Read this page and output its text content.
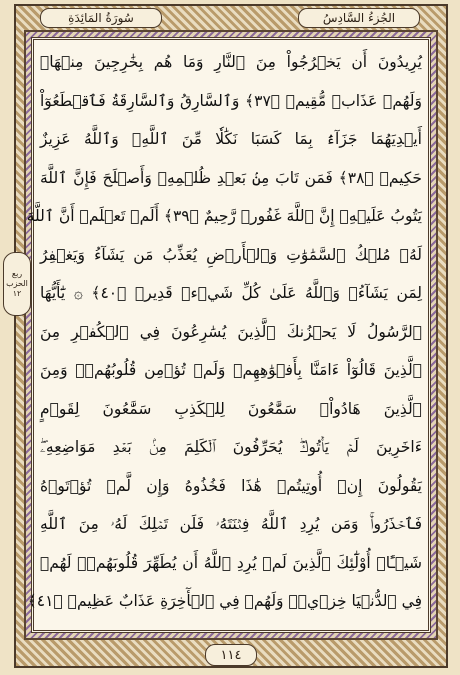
سُورَةُ المَائِدَةِ	الجُزءُ السَّادِسُ
ربع
الحزب
١٢
يُرِيدُونَ أَن يَخۡرُجُواْ مِنَ ٱلنَّارِ وَمَا هُم بِخَٰرِجِينَ مِنۡهَاۖ
وَلَهُمۡ عَذَابٞ مُّقِيمٞ ﴿٣٧﴾ وَٱلسَّارِقُ وَٱلسَّارِقَةُ فَٱقۡطَعُوٓاْ
أَيۡدِيَهُمَا جَزَآءَۢ بِمَا كَسَبَا نَكَٰلٗا مِّنَ ٱللَّهِۗ وَٱللَّهُ عَزِيزٌ
حَكِيمٞ ﴿٣٨﴾ فَمَن تَابَ مِنۢ بَعۡدِ ظُلۡمِهِۦ وَأَصۡلَحَ فَإِنَّ ٱللَّهَ
يَتُوبُ عَلَيۡهِۚ إِنَّ ٱللَّهَ غَفُورٞ رَّحِيمٌ ﴿٣٩﴾ أَلَمۡ تَعۡلَمۡ أَنَّ ٱللَّهَ
لَهُۥ مُلۡكُ ٱلسَّمَٰوَٰتِ وَٱلۡأَرۡضِ يُعَذِّبُ مَن يَشَآءُ وَيَغۡفِرُ
لِمَن يَشَآءُۗ وَٱللَّهُ عَلَىٰ كُلِّ شَيۡءٖ قَدِيرٞ ﴿٤٠﴾ ۞ يَٰٓأَيُّهَا
ٱلرَّسُولُ لَا يَحۡزُنكَ ٱلَّذِينَ يُسَٰرِعُونَ فِي ٱلۡكُفۡرِ مِنَ
ٱلَّذِينَ قَالُوٓاْ ءَامَنَّا بِأَفۡوَٰهِهِمۡ وَلَمۡ تُؤۡمِن قُلُوبُهُمۡۛ وَمِنَ
ٱلَّذِينَ هَادُواْۛ سَمَّٰعُونَ لِلۡكَذِبِ سَمَّٰعُونَ لِقَوۡمٍ
ءَاخَرِينَ لَمۡ يَأۡتُوكَۖ يُحَرِّفُونَ ٱلۡكَلِمَ مِنۢ بَعۡدِ مَوَاضِعِهِۦۖ
يَقُولُونَ إِنۡ أُوتِيتُمۡ هَٰذَا فَخُذُوهُ وَإِن لَّمۡ تُؤۡتَوۡهُ
فَٱحۡذَرُواْۚ وَمَن يُرِدِ ٱللَّهُ فِتۡنَتَهُۥ فَلَن تَمۡلِكَ لَهُۥ مِنَ ٱللَّهِ
شَيۡـًٔاۚ أُوْلَٰٓئِكَ ٱلَّذِينَ لَمۡ يُرِدِ ٱللَّهُ أَن يُطَهِّرَ قُلُوبَهُمۡۚ لَهُمۡ
فِي ٱلدُّنۡيَا خِزۡيٞۖ وَلَهُمۡ فِي ٱلۡأٓخِرَةِ عَذَابٌ عَظِيمٞ ﴿٤١﴾
١١٤
